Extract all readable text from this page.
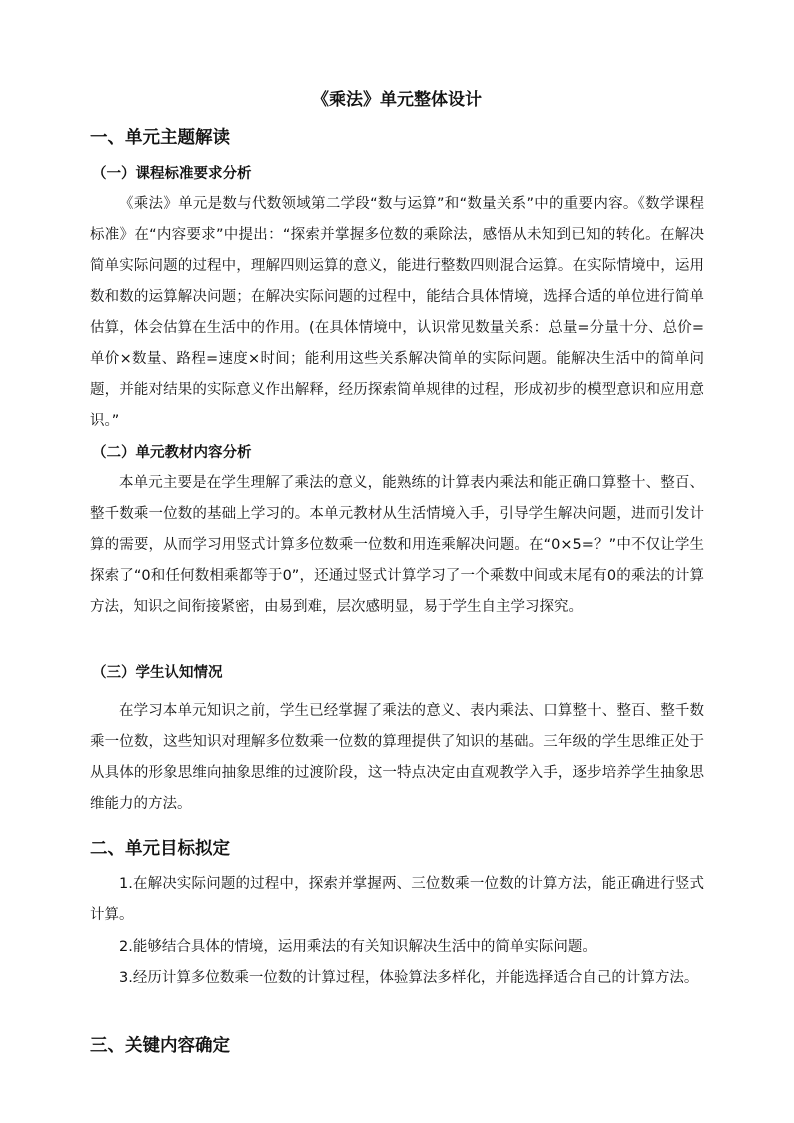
《乘法》单元整体设计
一、单元主题解读
（一）课程标准要求分析

《乘法》单元是数与代数领域第二学段“数与运算”和“数量关系”中的重要内容。《数学课程标准》在“内容要求”中提出：“探索并掌握多位数的乘除法，感悟从未知到已知的转化。在解决简单实际问题的过程中，理解四则运算的意义，能进行整数四则混合运算。在实际情境中，运用数和数的运算解决问题；在解决实际问题的过程中，能结合具体情境，选择合适的单位进行简单估算，体会估算在生活中的作用。(在具体情境中，认识常见数量关系：总量=分量十分、总价=单价×数量、路程=速度×时间；能利用这些关系解决简单的实际问题。能解决生活中的简单问题，并能对结果的实际意义作出解释，经历探索简单规律的过程，形成初步的模型意识和应用意识。”

（二）单元教材内容分析

本单元主要是在学生理解了乘法的意义，能熟练的计算表内乘法和能正确口算整十、整百、整千数乘一位数的基础上学习的。本单元教材从生活情境入手，引导学生解决问题，进而引发计算的需要，从而学习用竖式计算多位数乘一位数和用连乘解决问题。在“0×5=？”中不仅让学生探索了“0和任何数相乘都等于0”，还通过竖式计算学习了一个乘数中间或末尾有0的乘法的计算方法，知识之间衔接紧密，由易到难，层次感明显，易于学生自主学习探究。

（三）学生认知情况

在学习本单元知识之前，学生已经掌握了乘法的意义、表内乘法、口算整十、整百、整千数乘一位数，这些知识对理解多位数乘一位数的算理提供了知识的基础。三年级的学生思维正处于从具体的形象思维向抽象思维的过渡阶段，这一特点决定由直观教学入手，逐步培养学生抽象思维能力的方法。

二、单元目标拟定

1.在解决实际问题的过程中，探索并掌握两、三位数乘一位数的计算方法，能正确进行竖式计算。

2.能够结合具体的情境，运用乘法的有关知识解决生活中的简单实际问题。

3.经历计算多位数乘一位数的计算过程，体验算法多样化，并能选择适合自己的计算方法。

三、关键内容确定
